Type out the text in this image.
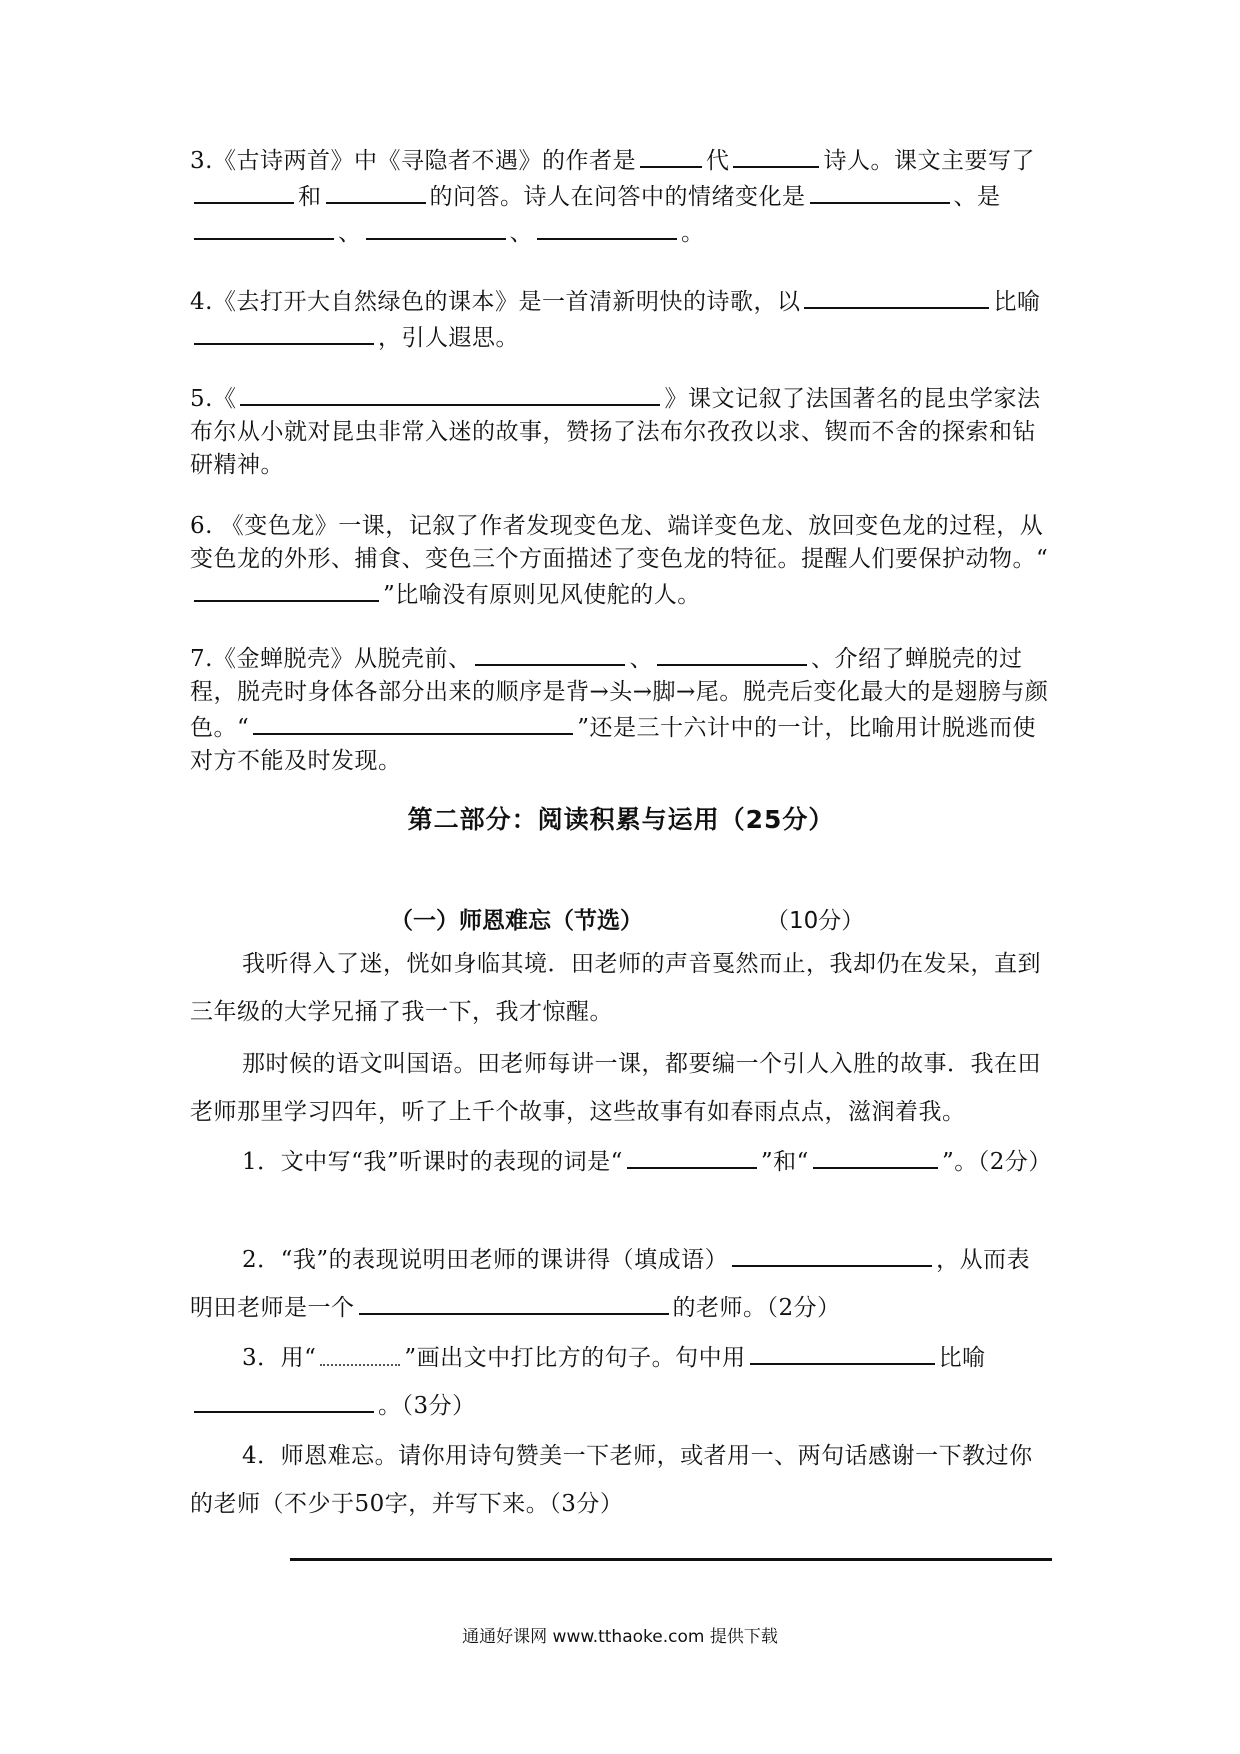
3.《古诗两首》中《寻隐者不遇》的作者是	代	诗人。课文主要写了和	的问答。诗人在问答中的情绪变化是	、是、	、	。
4.《去打开大自然绿色的课本》是一首清新明快的诗歌，以	比喻，引人遐思。
5.《	》课文记叙了法国著名的昆虫学家法布尔从小就对昆虫非常入迷的故事，赞扬了法布尔孜孜以求、锲而不舍的探索和钻研精神。
6. 《变色龙》一课，记叙了作者发现变色龙、端详变色龙、放回变色龙的过程，从变色龙的外形、捕食、变色三个方面描述了变色龙的特征。提醒人们要保护动物。“”比喻没有原则见风使舵的人。
7.《金蝉脱壳》从脱壳前、	、	、介绍了蝉脱壳的过程，脱壳时身体各部分出来的顺序是背→头→脚→尾。脱壳后变化最大的是翅膀与颜色。“	”还是三十六计中的一计，比喻用计脱逃而使对方不能及时发现。
第二部分：阅读积累与运用（25分）
（一）师恩难忘（节选）	（10分）
我听得入了迷，恍如身临其境．田老师的声音戛然而止，我却仍在发呆，直到三年级的大学兄捅了我一下，我才惊醒。
那时候的语文叫国语。田老师每讲一课，都要编一个引人入胜的故事．我在田老师那里学习四年，听了上千个故事，这些故事有如春雨点点，滋润着我。
1．文中写“我”听课时的表现的词是“	”和“	”。（2分）
2．“我”的表现说明田老师的课讲得（填成语）	，从而表明田老师是一个	的老师。（2分）
3．用“	”画出文中打比方的句子。句中用	比喻。（3分）
4．师恩难忘。请你用诗句赞美一下老师，或者用一、两句话感谢一下教过你的老师（不少于50字，并写下来。（3分）
通通好课网 www.tthaoke.com 提供下载
